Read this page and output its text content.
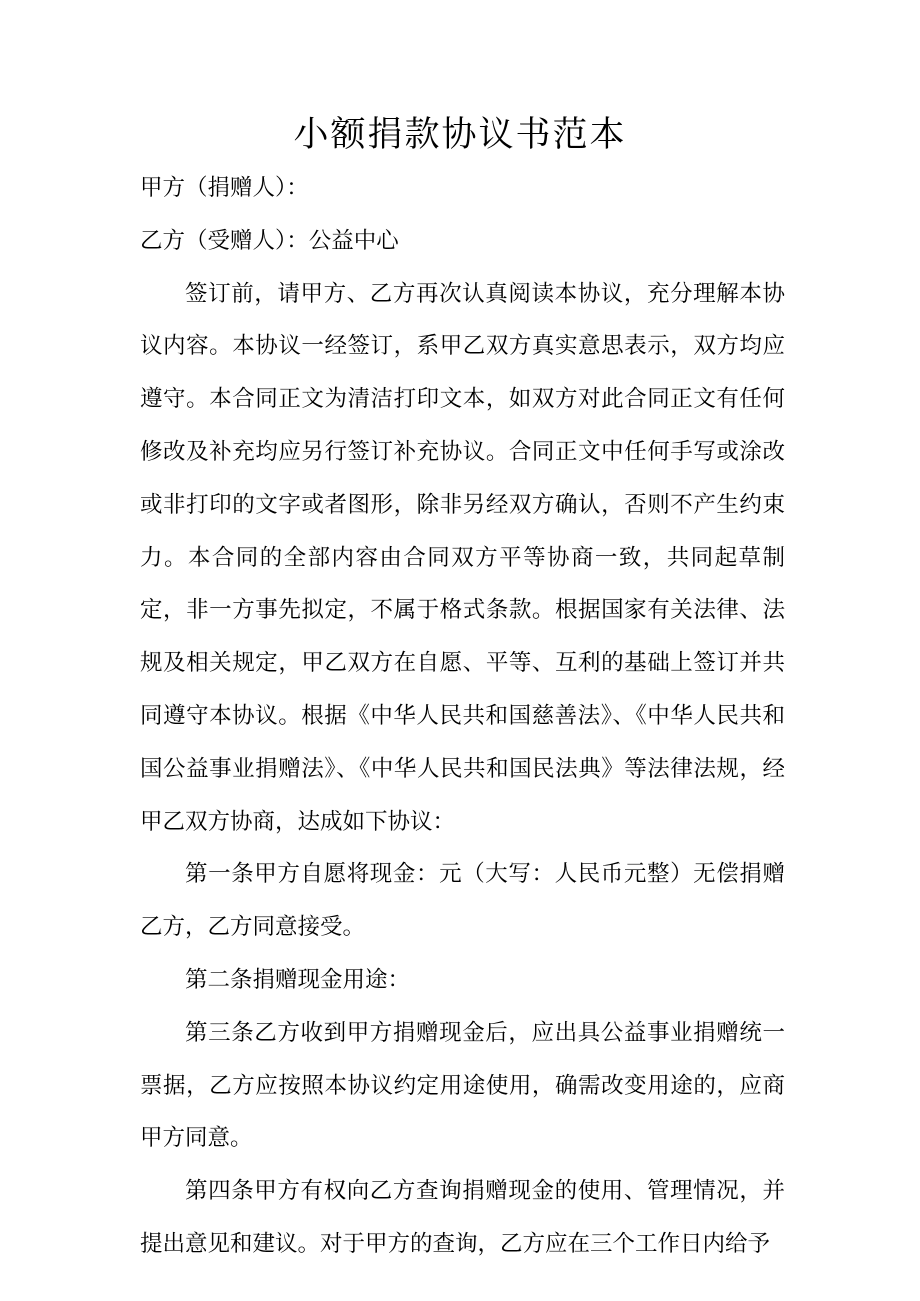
小额捐款协议书范本

甲方（捐赠人）：

乙方（受赠人）：公益中心

签订前，请甲方、乙方再次认真阅读本协议，充分理解本协议内容。本协议一经签订，系甲乙双方真实意思表示，双方均应遵守。本合同正文为清洁打印文本，如双方对此合同正文有任何修改及补充均应另行签订补充协议。合同正文中任何手写或涂改或非打印的文字或者图形，除非另经双方确认，否则不产生约束力。本合同的全部内容由合同双方平等协商一致，共同起草制定，非一方事先拟定，不属于格式条款。根据国家有关法律、法规及相关规定，甲乙双方在自愿、平等、互利的基础上签订并共同遵守本协议。根据《中华人民共和国慈善法》、《中华人民共和国公益事业捐赠法》、《中华人民共和国民法典》等法律法规，经甲乙双方协商，达成如下协议：

第一条甲方自愿将现金：元（大写：人民币元整）无偿捐赠乙方，乙方同意接受。

第二条捐赠现金用途：

第三条乙方收到甲方捐赠现金后，应出具公益事业捐赠统一票据，乙方应按照本协议约定用途使用，确需改变用途的，应商甲方同意。

第四条甲方有权向乙方查询捐赠现金的使用、管理情况，并提出意见和建议。对于甲方的查询，乙方应在三个工作日内给予
